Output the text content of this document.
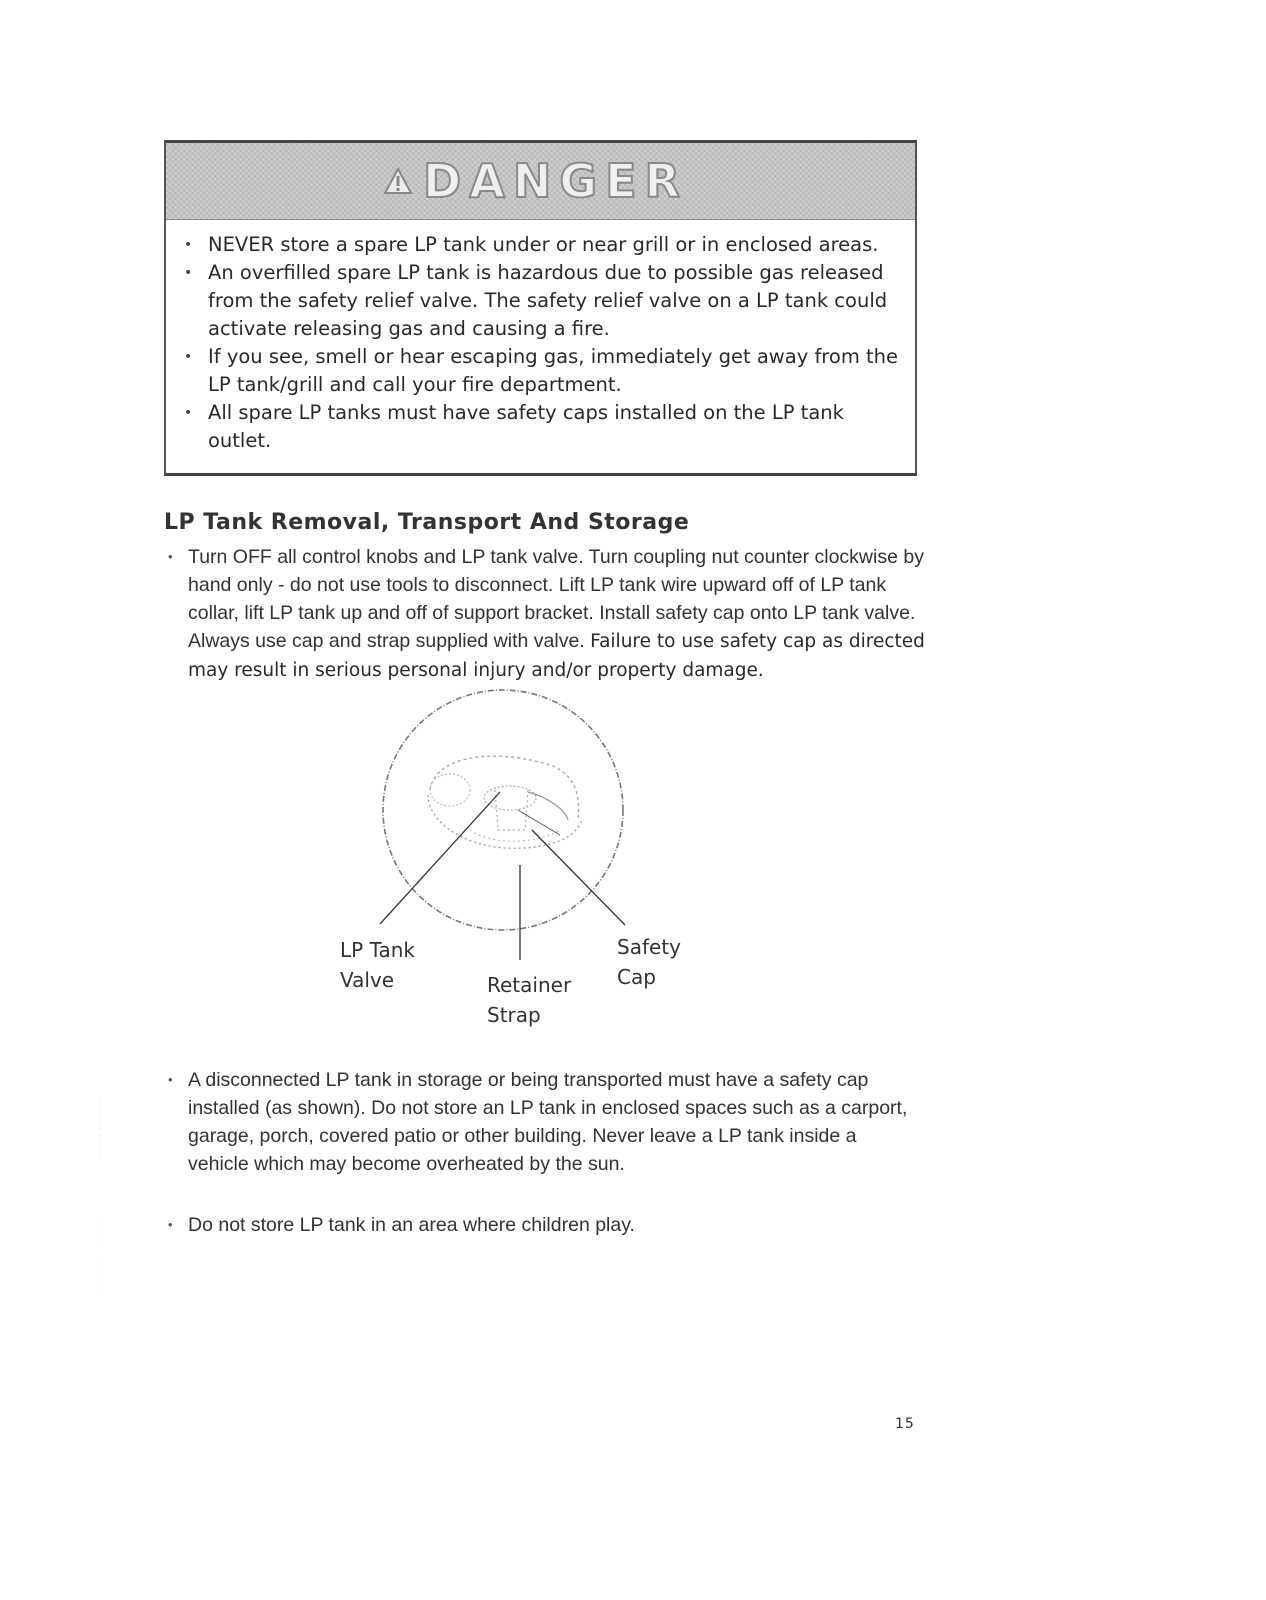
DANGER
• NEVER store a spare LP tank under or near grill or in enclosed areas.
• An overfilled spare LP tank is hazardous due to possible gas released from the safety relief valve. The safety relief valve on a LP tank could activate releasing gas and causing a fire.
• If you see, smell or hear escaping gas, immediately get away from the LP tank/grill and call your fire department.
• All spare LP tanks must have safety caps installed on the LP tank outlet.
LP Tank Removal, Transport And Storage

• Turn OFF all control knobs and LP tank valve. Turn coupling nut counter clockwise by hand only - do not use tools to disconnect. Lift LP tank wire upward off of LP tank collar, lift LP tank up and off of support bracket. Install safety cap onto LP tank valve. Always use cap and strap supplied with valve. Failure to use safety cap as directed may result in serious personal injury and/or property damage.

LP Tank
Valve	Retainer
Strap
Safety
Cap

• A disconnected LP tank in storage or being transported must have a safety cap installed (as shown). Do not store an LP tank in enclosed spaces such as a carport, garage, porch, covered patio or other building. Never leave a LP tank inside a vehicle which may become overheated by the sun.

• Do not store LP tank in an area where children play.

15
